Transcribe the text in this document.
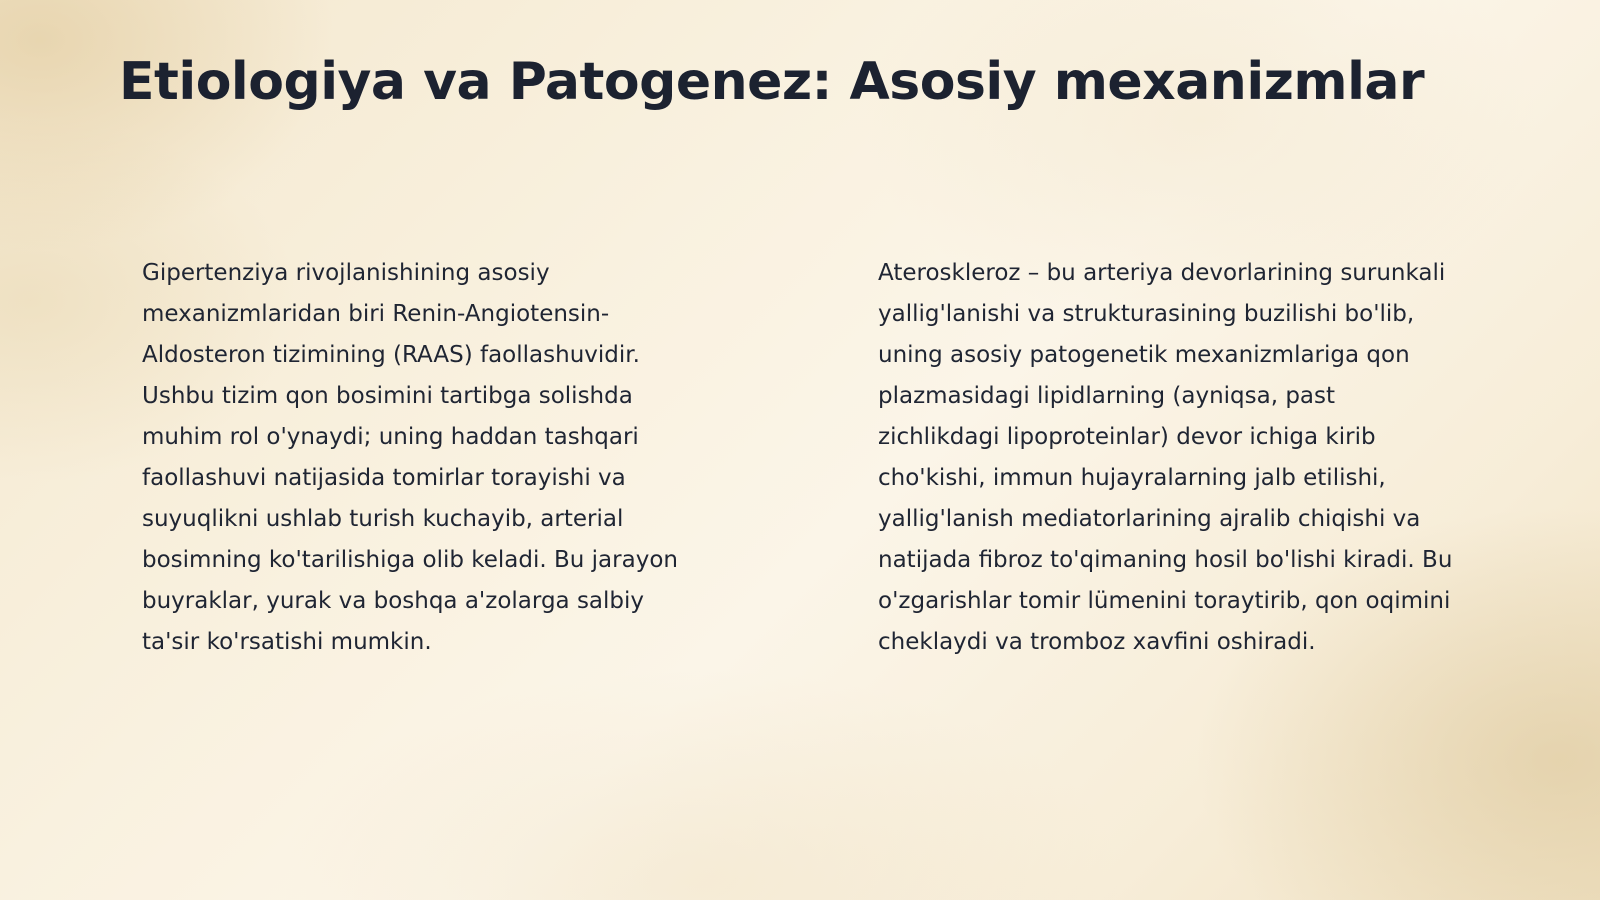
Etiologiya va Patogenez: Asosiy mexanizmlar

Gipertenziya rivojlanishining asosiy mexanizmlaridan biri Renin-Angiotensin-Aldosteron tizimining (RAAS) faollashuvidir. Ushbu tizim qon bosimini tartibga solishda muhim rol o'ynaydi; uning haddan tashqari faollashuvi natijasida tomirlar torayishi va suyuqlikni ushlab turish kuchayib, arterial bosimning ko'tarilishiga olib keladi. Bu jarayon buyraklar, yurak va boshqa a'zolarga salbiy ta'sir ko'rsatishi mumkin.

Ateroskleroz – bu arteriya devorlarining surunkali yallig'lanishi va strukturasining buzilishi bo'lib, uning asosiy patogenetik mexanizmlariga qon plazmasidagi lipidlarning (ayniqsa, past zichlikdagi lipoproteinlar) devor ichiga kirib cho'kishi, immun hujayralarning jalb etilishi, yallig'lanish mediatorlarining ajralib chiqishi va natijada fibroz to'qimaning hosil bo'lishi kiradi. Bu o'zgarishlar tomir lümenini toraytirib, qon oqimini cheklaydi va tromboz xavfini oshiradi.
